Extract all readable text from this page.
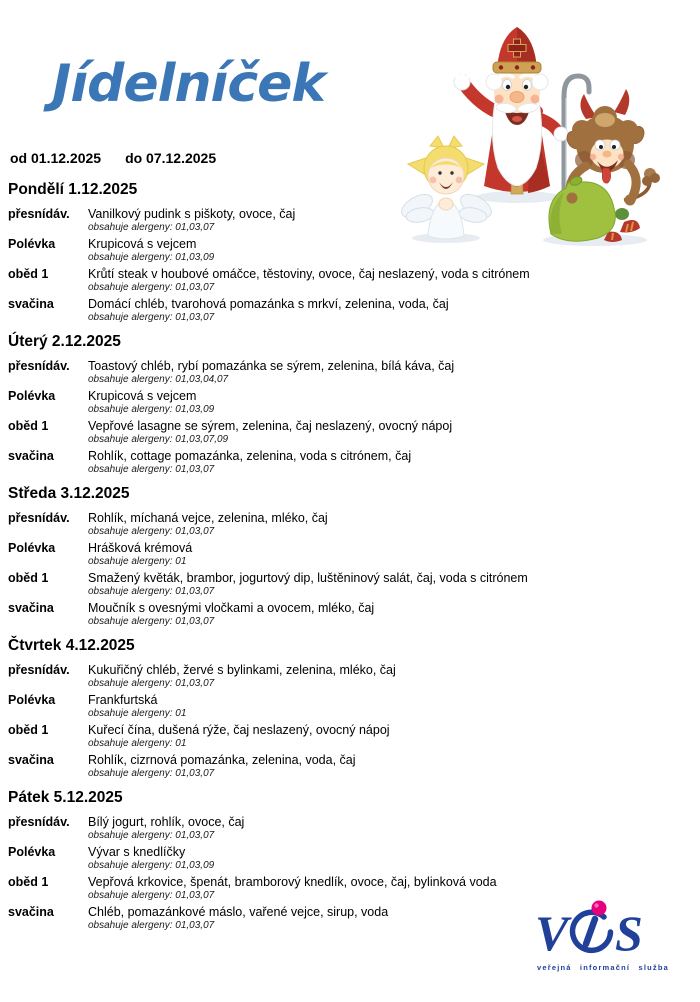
Jídelníček
od 01.12.2025 do 07.12.2025
Pondělí 1.12.2025
přesnídáv.	Vanilkový pudink s piškoty, ovoce, čaj
obsahuje alergeny: 01,03,07
Polévka	Krupicová s vejcem
obsahuje alergeny: 01,03,09
oběd 1	Krůtí steak v houbové omáčce, těstoviny, ovoce, čaj neslazený, voda s citrónem
obsahuje alergeny: 01,03,07
svačina	Domácí chléb, tvarohová pomazánka s mrkví, zelenina, voda, čaj
obsahuje alergeny: 01,03,07
Úterý 2.12.2025
přesnídáv.	Toastový chléb, rybí pomazánka se sýrem, zelenina, bílá káva, čaj
obsahuje alergeny: 01,03,04,07
Polévka	Krupicová s vejcem
obsahuje alergeny: 01,03,09
oběd 1	Vepřové lasagne se sýrem, zelenina, čaj neslazený, ovocný nápoj
obsahuje alergeny: 01,03,07,09
svačina	Rohlík, cottage pomazánka, zelenina, voda s citrónem, čaj
obsahuje alergeny: 01,03,07
Středa 3.12.2025
přesnídáv.	Rohlík, míchaná vejce, zelenina, mléko, čaj
obsahuje alergeny: 01,03,07
Polévka	Hrášková krémová
obsahuje alergeny: 01
oběd 1	Smažený květák, brambor, jogurtový dip, luštěninový salát, čaj, voda s citrónem
obsahuje alergeny: 01,03,07
svačina	Moučník s ovesnými vločkami a ovocem, mléko, čaj
obsahuje alergeny: 01,03,07
Čtvrtek 4.12.2025
přesnídáv.	Kukuřičný chléb, žervé s bylinkami, zelenina, mléko, čaj
obsahuje alergeny: 01,03,07
Polévka	Frankfurtská
obsahuje alergeny: 01
oběd 1	Kuřecí čína, dušená rýže, čaj neslazený, ovocný nápoj
obsahuje alergeny: 01
svačina	Rohlík, cizrnová pomazánka, zelenina, voda, čaj
obsahuje alergeny: 01,03,07
Pátek 5.12.2025
přesnídáv.	Bílý jogurt, rohlík, ovoce, čaj
obsahuje alergeny: 01,03,07
Polévka	Vývar s knedlíčky
obsahuje alergeny: 01,03,09
oběd 1	Vepřová krkovice, špenát, bramborový knedlík, ovoce, čaj, bylinková voda
obsahuje alergeny: 01,03,07
svačina	Chléb, pomazánkové máslo, vařené vejce, sirup, voda
obsahuje alergeny: 01,03,07	V S
veřejná informační služba
